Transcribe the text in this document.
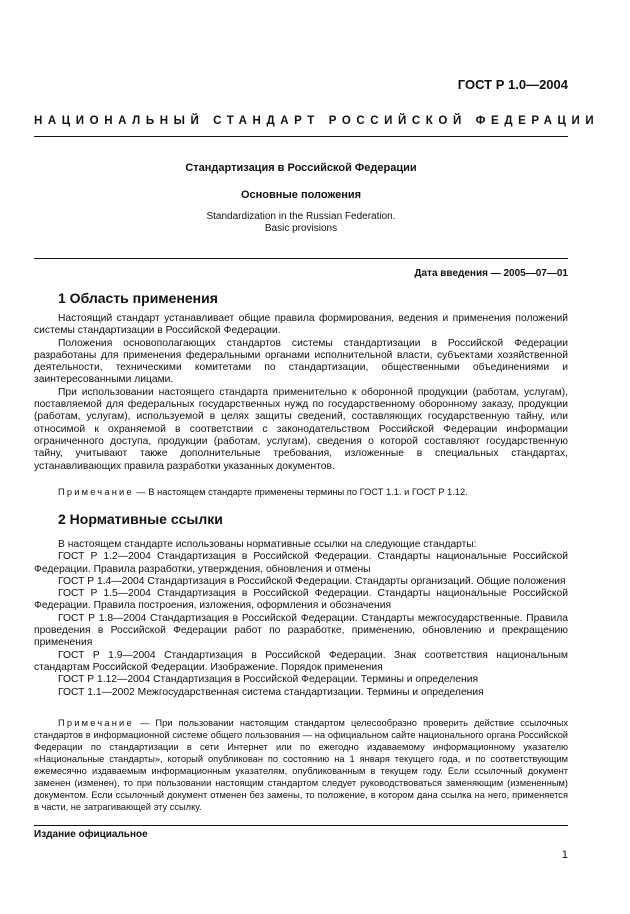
ГОСТ Р 1.0—2004
НАЦИОНАЛЬНЫЙ СТАНДАРТ РОССИЙСКОЙ ФЕДЕРАЦИИ
Стандартизация в Российской Федерации
Основные положения
Standardization in the Russian Federation.
Basic provisions
Дата введения — 2005—07—01
1 Область применения

Настоящий стандарт устанавливает общие правила формирования, ведения и применения положений системы стандартизации в Российской Федерации.

Положения основополагающих стандартов системы стандартизации в Российской Федерации разработаны для применения федеральными органами исполнительной власти, субъектами хозяйственной деятельности, техническими комитетами по стандартизации, общественными объединениями и заинтересованными лицами.

При использовании настоящего стандарта применительно к оборонной продукции (работам, услугам), поставляемой для федеральных государственных нужд по государственному оборонному заказу, продукции (работам, услугам), используемой в целях защиты сведений, составляющих государственную тайну, или относимой к охраняемой в соответствии с законодательством Российской Федерации информации ограниченного доступа, продукции (работам, услугам), сведения о которой составляют государственную тайну, учитывают также дополнительные требования, изложенные в специальных стандартах, устанавливающих правила разработки указанных документов.

Примечание — В настоящем стандарте применены термины по ГОСТ 1.1. и ГОСТ Р 1.12.

2 Нормативные ссылки

В настоящем стандарте использованы нормативные ссылки на следующие стандарты:

ГОСТ Р 1.2—2004 Стандартизация в Российской Федерации. Стандарты национальные Российской Федерации. Правила разработки, утверждения, обновления и отмены

ГОСТ Р 1.4—2004 Стандартизация в Российской Федерации. Стандарты организаций. Общие положения

ГОСТ Р 1.5—2004 Стандартизация в Российской Федерации. Стандарты национальные Российской Федерации. Правила построения, изложения, оформления и обозначения

ГОСТ Р 1.8—2004 Стандартизация в Российской Федерации. Стандарты межгосударственные. Правила проведения в Российской Федерации работ по разработке, применению, обновлению и прекращению применения

ГОСТ Р 1.9—2004 Стандартизация в Российской Федерации. Знак соответствия национальным стандартам Российской Федерации. Изображение. Порядок применения

ГОСТ Р 1.12—2004 Стандартизация в Российской Федерации. Термины и определения

ГОСТ 1.1—2002 Межгосударственная система стандартизации. Термины и определения

Примечание — При пользовании настоящим стандартом целесообразно проверить действие ссылочных стандартов в информационной системе общего пользования — на официальном сайте национального органа Российской Федерации по стандартизации в сети Интернет или по ежегодно издаваемому информационному указателю «Национальные стандарты», который опубликован по состоянию на 1 января текущего года, и по соответствующим ежемесячно издаваемым информационным указателям, опубликованным в текущем году. Если ссылочный документ заменен (изменен), то при пользовании настоящим стандартом следует руководствоваться заменяющим (измененным) документом. Если ссылочный документ отменен без замены, то положение, в котором дана ссылка на него, применяется в части, не затрагивающей эту ссылку.

Издание официальное
1
